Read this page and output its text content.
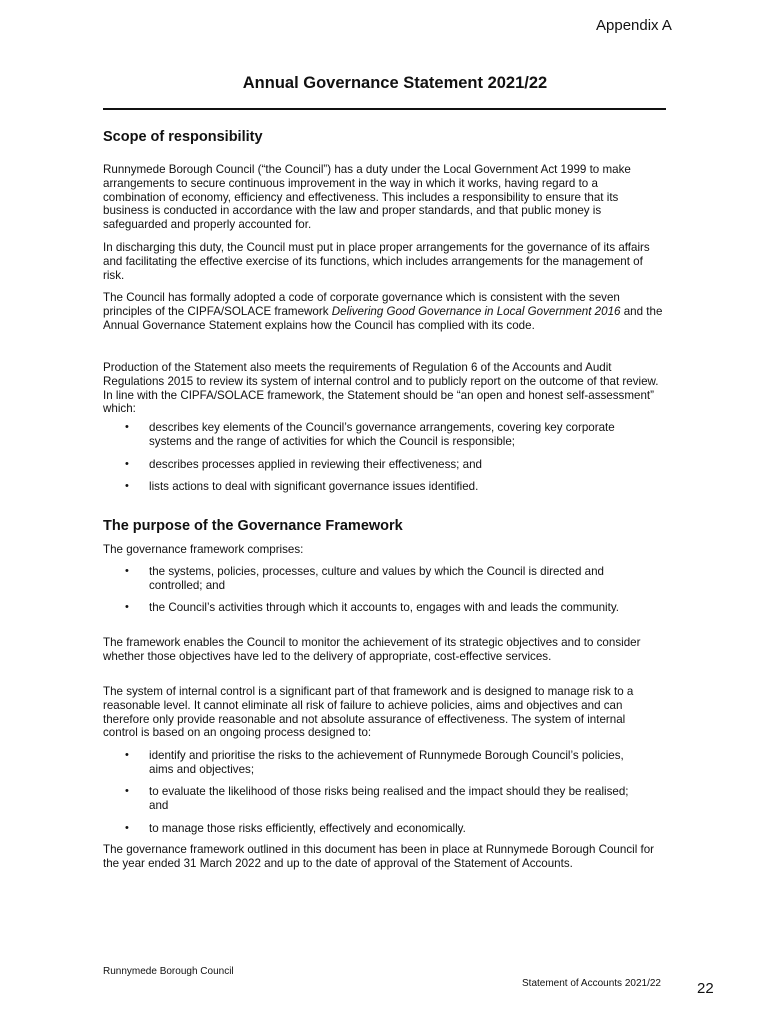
Appendix A
Annual Governance Statement 2021/22
Scope of responsibility

Runnymede Borough Council (“the Council”) has a duty under the Local Government Act 1999 to make arrangements to secure continuous improvement in the way in which it works, having regard to a combination of economy, efficiency and effectiveness. This includes a responsibility to ensure that its business is conducted in accordance with the law and proper standards, and that public money is safeguarded and properly accounted for.

In discharging this duty, the Council must put in place proper arrangements for the governance of its affairs and facilitating the effective exercise of its functions, which includes arrangements for the management of risk.

The Council has formally adopted a code of corporate governance which is consistent with the seven principles of the CIPFA/SOLACE framework Delivering Good Governance in Local Government 2016 and the Annual Governance Statement explains how the Council has complied with its code.

Production of the Statement also meets the requirements of Regulation 6 of the Accounts and Audit Regulations 2015 to review its system of internal control and to publicly report on the outcome of that review. In line with the CIPFA/SOLACE framework, the Statement should be “an open and honest self-assessment” which:

•

describes key elements of the Council’s governance arrangements, covering key corporate systems and the range of activities for which the Council is responsible;

•

describes processes applied in reviewing their effectiveness; and

•

lists actions to deal with significant governance issues identified.

The purpose of the Governance Framework

The governance framework comprises:

•

the systems, policies, processes, culture and values by which the Council is directed and controlled; and

•

the Council’s activities through which it accounts to, engages with and leads the community.

The framework enables the Council to monitor the achievement of its strategic objectives and to consider whether those objectives have led to the delivery of appropriate, cost-effective services.

The system of internal control is a significant part of that framework and is designed to manage risk to a reasonable level. It cannot eliminate all risk of failure to achieve policies, aims and objectives and can therefore only provide reasonable and not absolute assurance of effectiveness. The system of internal control is based on an ongoing process designed to:

•

identify and prioritise the risks to the achievement of Runnymede Borough Council’s policies, aims and objectives;

•

to evaluate the likelihood of those risks being realised and the impact should they be realised; and

•

to manage those risks efficiently, effectively and economically.

The governance framework outlined in this document has been in place at Runnymede Borough Council for the year ended 31 March 2022 and up to the date of approval of the Statement of Accounts.

Runnymede Borough Council
Statement of Accounts 2021/22 22
